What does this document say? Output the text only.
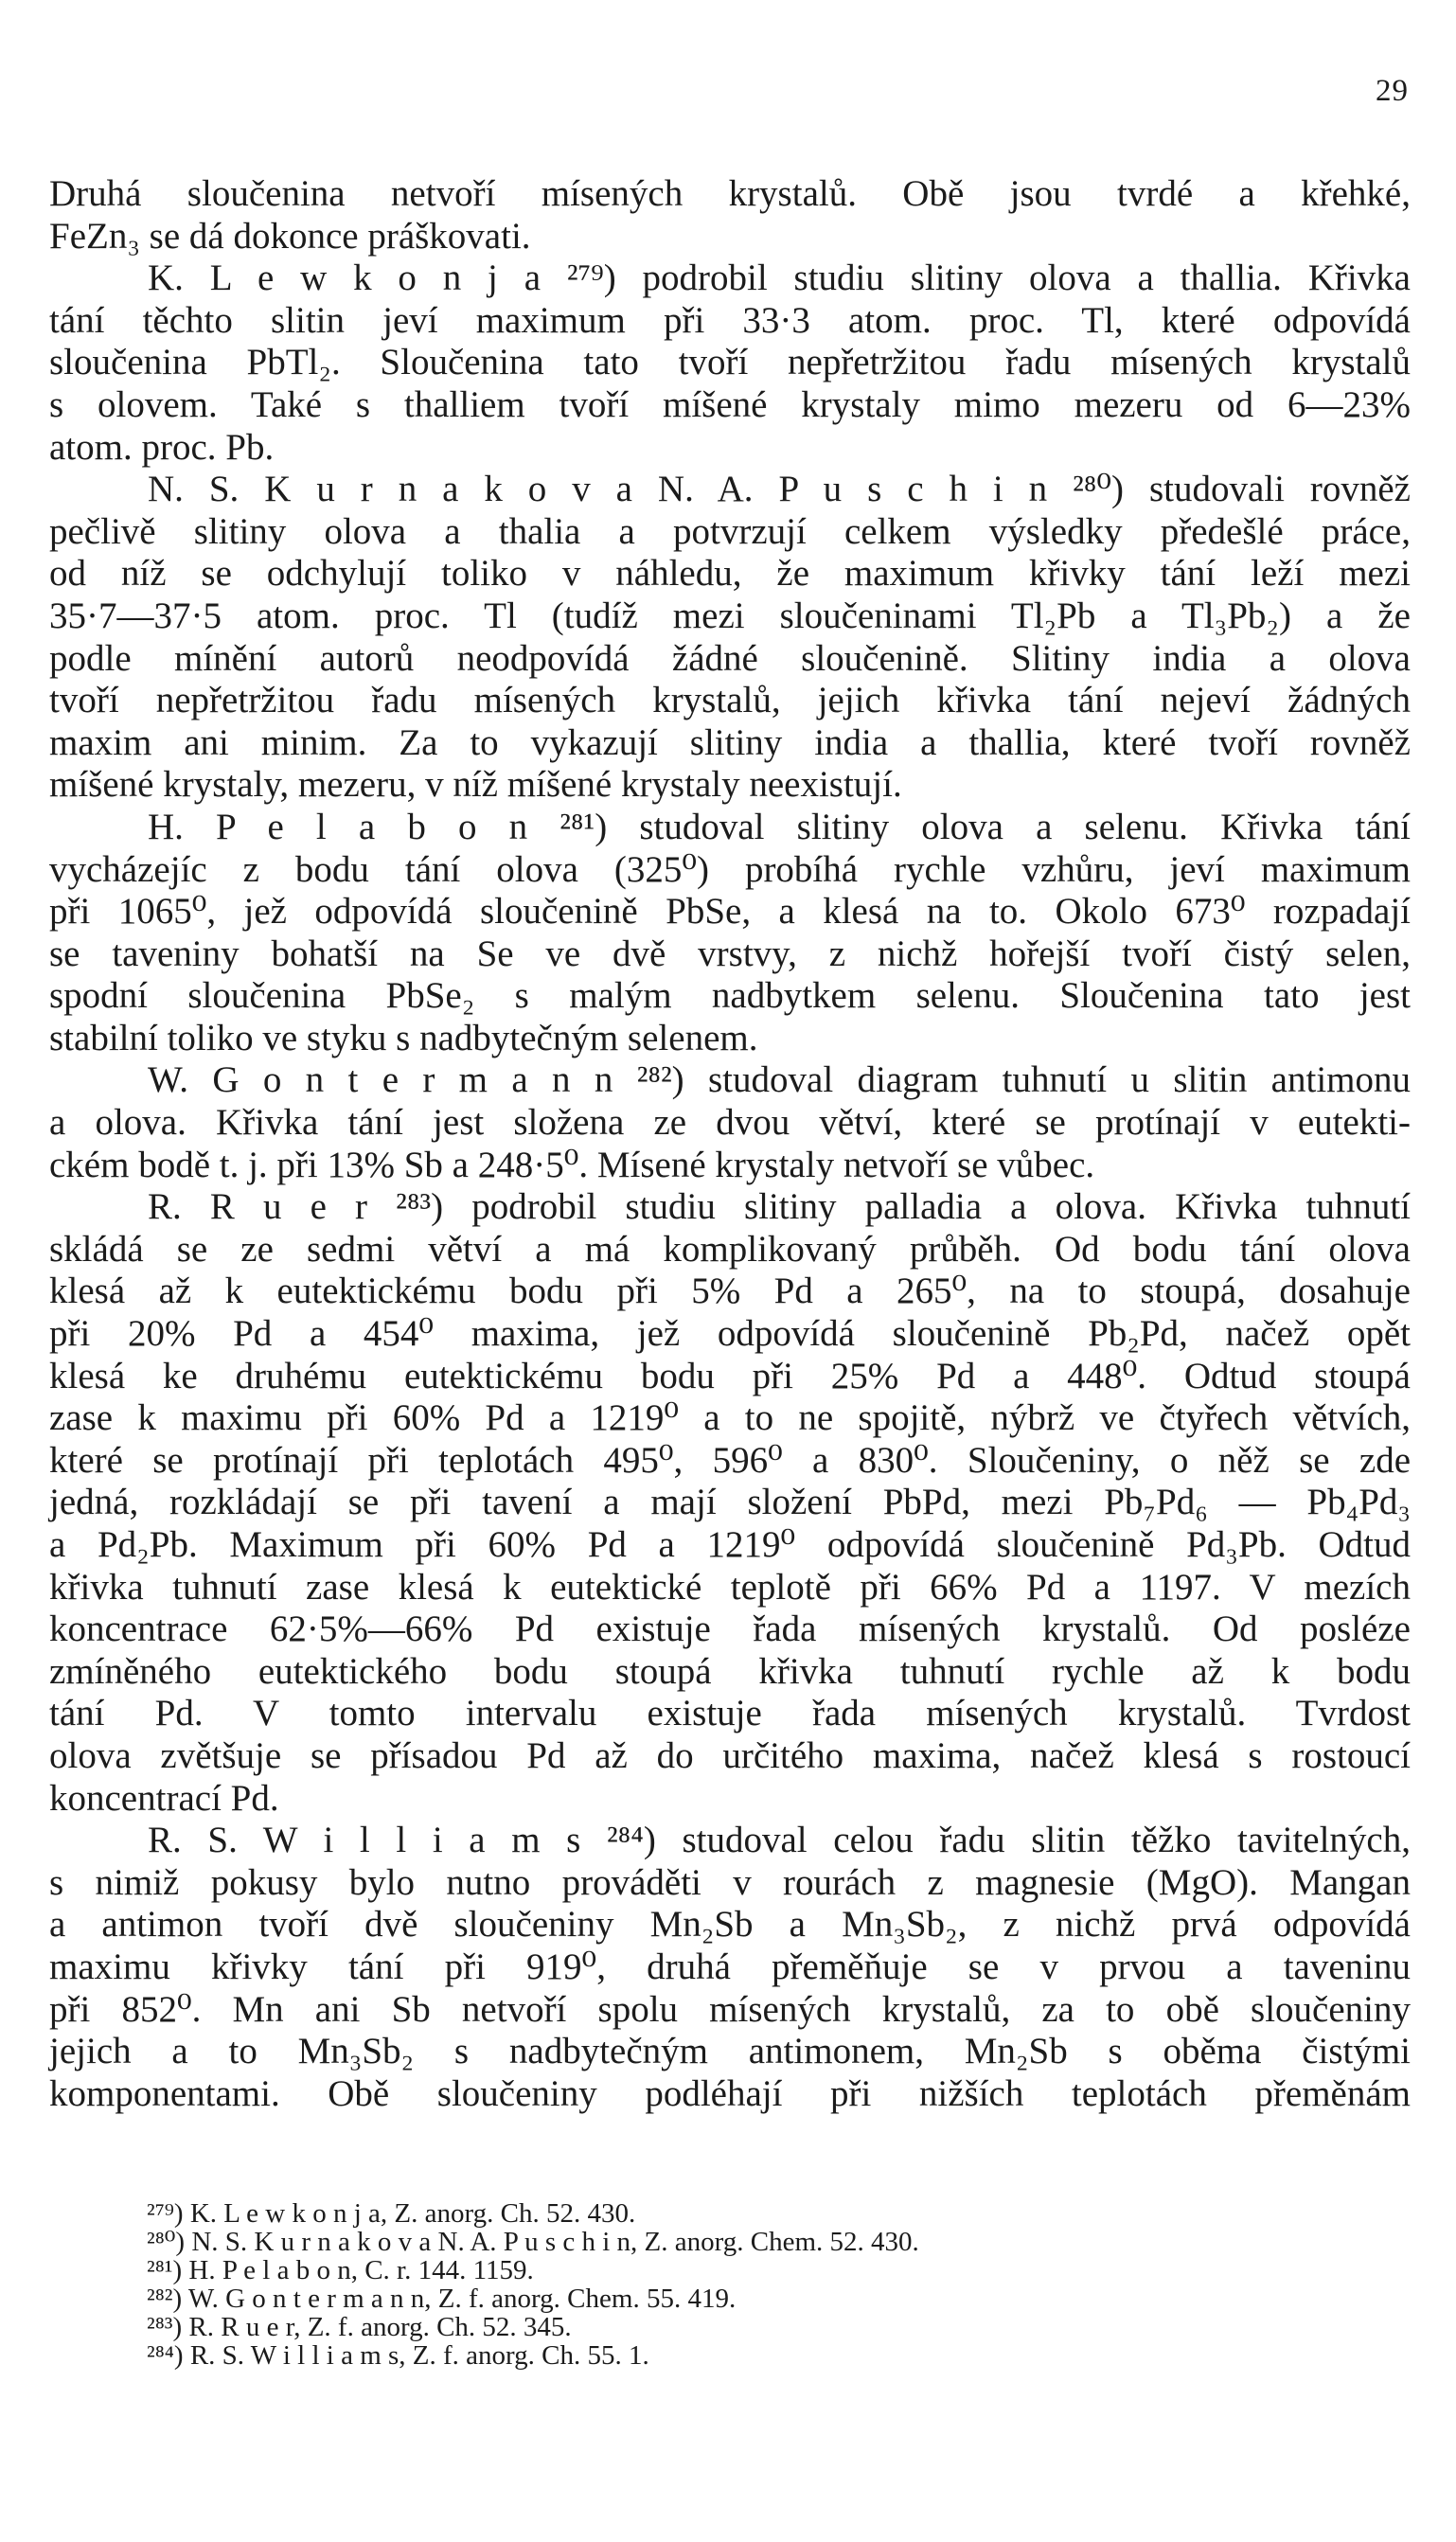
29
Druhá sloučenina netvoří mísených krystalů. Obě jsou tvrdé a křehké,
FeZn₃ se dá dokonce práškovati.
K. L e w k o n j a ²⁷⁹) podrobil studiu slitiny olova a thallia. Křivka
tání těchto slitin jeví maximum při 33·3 atom. proc. Tl, které odpovídá
sloučenina PbTl₂. Sloučenina tato tvoří nepřetržitou řadu mísených krystalů
s olovem. Také s thalliem tvoří míšené krystaly mimo mezeru od 6—23%
atom. proc. Pb.
N. S. K u r n a k o v a N. A. P u s c h i n ²⁸⁰) studovali rovněž
pečlivě slitiny olova a thalia a potvrzují celkem výsledky předešlé práce,
od níž se odchylují toliko v náhledu, že maximum křivky tání leží mezi
35·7—37·5 atom. proc. Tl (tudíž mezi sloučeninami Tl₂Pb a Tl₃Pb₂) a že
podle mínění autorů neodpovídá žádné sloučenině. Slitiny india a olova
tvoří nepřetržitou řadu mísených krystalů, jejich křivka tání nejeví žádných
maxim ani minim. Za to vykazují slitiny india a thallia, které tvoří rovněž
míšené krystaly, mezeru, v níž míšené krystaly neexistují.
H. P e l a b o n ²⁸¹) studoval slitiny olova a selenu. Křivka tání
vycházejíc z bodu tání olova (325⁰) probíhá rychle vzhůru, jeví maximum
při 1065⁰, jež odpovídá sloučenině PbSe, a klesá na to. Okolo 673⁰ rozpadají
se taveniny bohatší na Se ve dvě vrstvy, z nichž hořejší tvoří čistý selen,
spodní sloučenina PbSe₂ s malým nadbytkem selenu. Sloučenina tato jest
stabilní toliko ve styku s nadbytečným selenem.
W. G o n t e r m a n n ²⁸²) studoval diagram tuhnutí u slitin antimonu
a olova. Křivka tání jest složena ze dvou větví, které se protínají v eutekti-
ckém bodě t. j. při 13% Sb a 248·5⁰. Mísené krystaly netvoří se vůbec.
R. R u e r ²⁸³) podrobil studiu slitiny palladia a olova. Křivka tuhnutí
skládá se ze sedmi větví a má komplikovaný průběh. Od bodu tání olova
klesá až k eutektickému bodu při 5% Pd a 265⁰, na to stoupá, dosahuje
při 20% Pd a 454⁰ maxima, jež odpovídá sloučenině Pb₂Pd, načež opět
klesá ke druhému eutektickému bodu při 25% Pd a 448⁰. Odtud stoupá
zase k maximu při 60% Pd a 1219⁰ a to ne spojitě, nýbrž ve čtyřech větvích,
které se protínají při teplotách 495⁰, 596⁰ a 830⁰. Sloučeniny, o něž se zde
jedná, rozkládají se při tavení a mají složení PbPd, mezi Pb₇Pd₆ — Pb₄Pd₃
a Pd₂Pb. Maximum při 60% Pd a 1219⁰ odpovídá sloučenině Pd₃Pb. Odtud
křivka tuhnutí zase klesá k eutektické teplotě při 66% Pd a 1197. V mezích
koncentrace 62·5%—66% Pd existuje řada mísených krystalů. Od posléze
zmíněného eutektického bodu stoupá křivka tuhnutí rychle až k bodu
tání Pd. V tomto intervalu existuje řada mísených krystalů. Tvrdost
olova zvětšuje se přísadou Pd až do určitého maxima, načež klesá s rostoucí
koncentrací Pd.
R. S. W i l l i a m s ²⁸⁴) studoval celou řadu slitin těžko tavitelných,
s nimiž pokusy bylo nutno prováděti v rourách z magnesie (MgO). Mangan
a antimon tvoří dvě sloučeniny Mn₂Sb a Mn₃Sb₂, z nichž prvá odpovídá
maximu křivky tání při 919⁰, druhá přeměňuje se v prvou a taveninu
při 852⁰. Mn ani Sb netvoří spolu mísených krystalů, za to obě sloučeniny
jejich a to Mn₃Sb₂ s nadbytečným antimonem, Mn₂Sb s oběma čistými
komponentami. Obě sloučeniny podléhají při nižších teplotách přeměnám
²⁷⁹) K. L e w k o n j a, Z. anorg. Ch. 52. 430.
²⁸⁰) N. S. K u r n a k o v a N. A. P u s c h i n, Z. anorg. Chem. 52. 430.
²⁸¹) H. P e l a b o n, C. r. 144. 1159.
²⁸²) W. G o n t e r m a n n, Z. f. anorg. Chem. 55. 419.
²⁸³) R. R u e r, Z. f. anorg. Ch. 52. 345.
²⁸⁴) R. S. W i l l i a m s, Z. f. anorg. Ch. 55. 1.
